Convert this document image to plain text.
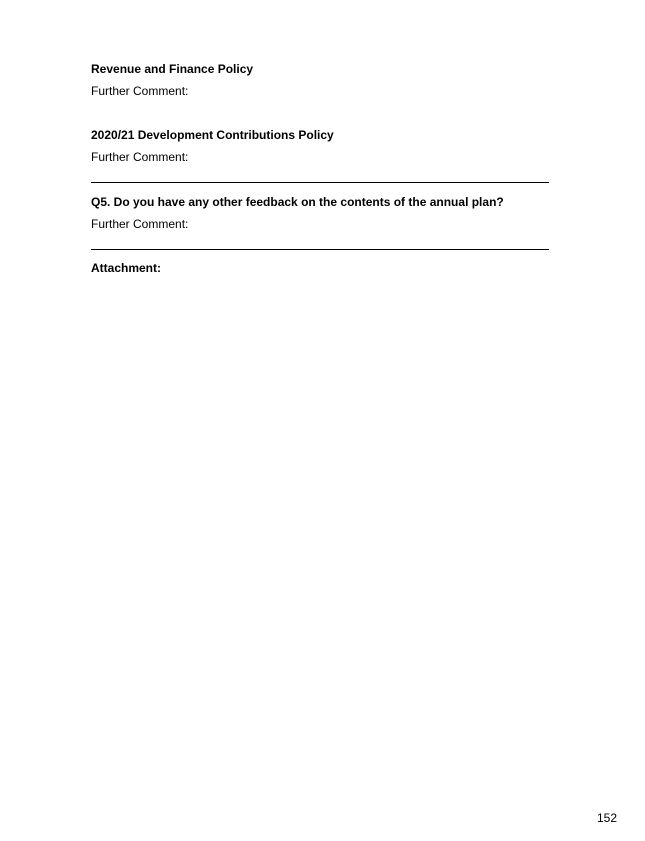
Revenue and Finance Policy
Further Comment:
2020/21 Development Contributions Policy
Further Comment:
Q5. Do you have any other feedback on the contents of the annual plan?
Further Comment:
Attachment:
152
